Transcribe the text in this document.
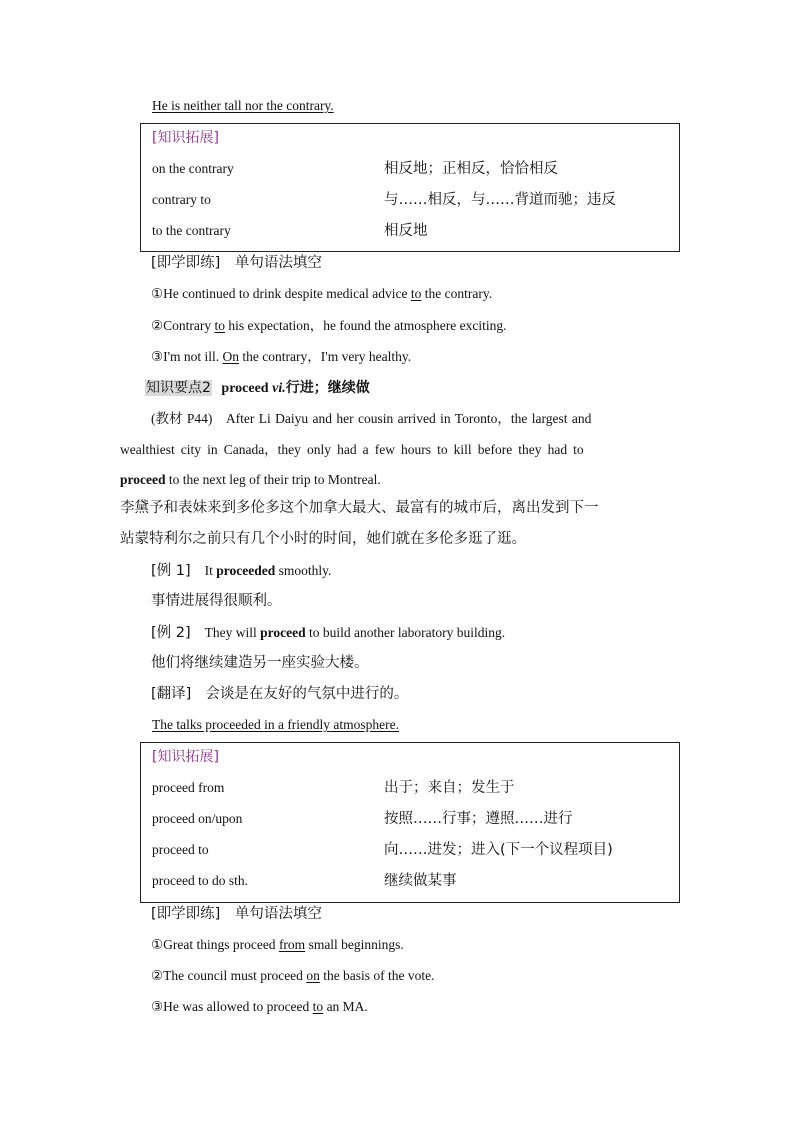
He is neither tall nor the contrary.
[知识拓展]
on the contrary	相反地；正相反，恰恰相反
contrary to	与……相反，与……背道而驰；违反
to the contrary	相反地
[即学即练]　单句语法填空
①He continued to drink despite medical advice to the contrary.
②Contrary to his expectation，he found the atmosphere exciting.
③I'm not ill. On the contrary，I'm very healthy.
知识要点2 proceed vi.行进；继续做
(教材 P44)　After Li Daiyu and her cousin arrived in Toronto，the largest and
wealthiest city in Canada，they only had a few hours to kill before they had to
proceed to the next leg of their trip to Montreal.
李黛予和表妹来到多伦多这个加拿大最大、最富有的城市后，离出发到下一
站蒙特利尔之前只有几个小时的时间，她们就在多伦多逛了逛。
[例 1] It proceeded smoothly.
事情进展得很顺利。
[例 2] They will proceed to build another laboratory building.
他们将继续建造另一座实验大楼。
[翻译] 会谈是在友好的气氛中进行的。
The talks proceeded in a friendly atmosphere.
[知识拓展]
proceed from	出于；来自；发生于
proceed on/upon	按照……行事；遵照……进行
proceed to	向……进发；进入(下一个议程项目)
proceed to do sth.	继续做某事
[即学即练]　单句语法填空
①Great things proceed from small beginnings.
②The council must proceed on the basis of the vote.
③He was allowed to proceed to an MA.
